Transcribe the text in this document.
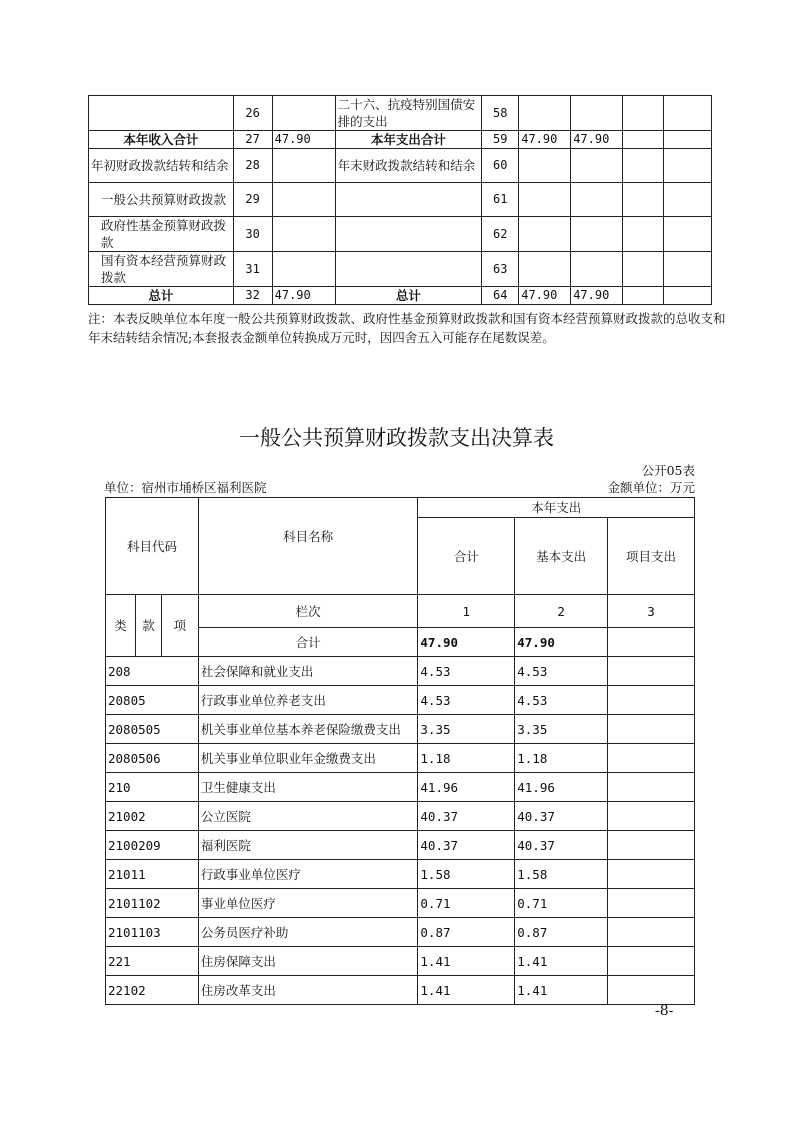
	26		二十六、抗疫特别国债安排的支出	58				
本年收入合计	27	47.90	本年支出合计	59	47.90	47.90		
年初财政拨款结转和结余	28		年末财政拨款结转和结余	60				
一般公共预算财政拨款	29			61				
政府性基金预算财政拨款	30			62				
国有资本经营预算财政拨款	31			63				
总计	32	47.90	总计	64	47.90	47.90		
注：本表反映单位本年度一般公共预算财政拨款、政府性基金预算财政拨款和国有资本经营预算财政拨款的总收支和年末结转结余情况;本套报表金额单位转换成万元时，因四舍五入可能存在尾数误差。
一般公共预算财政拨款支出决算表
公开05表
单位：宿州市埇桥区福利医院	金额单位：万元
科目代码			科目名称	本年支出		
				合计	基本支出	项目支出
类	款	项	栏次	1	2	3
			合计	47.90	47.90	
208			社会保障和就业支出	4.53	4.53	
20805			行政事业单位养老支出	4.53	4.53	
2080505			机关事业单位基本养老保险缴费支出	3.35	3.35	
2080506			机关事业单位职业年金缴费支出	1.18	1.18	
210			卫生健康支出	41.96	41.96	
21002			公立医院	40.37	40.37	
2100209			福利医院	40.37	40.37	
21011			行政事业单位医疗	1.58	1.58	
2101102			事业单位医疗	0.71	0.71	
2101103			公务员医疗补助	0.87	0.87	
221			住房保障支出	1.41	1.41	
22102			住房改革支出	1.41	1.41	
-8-
